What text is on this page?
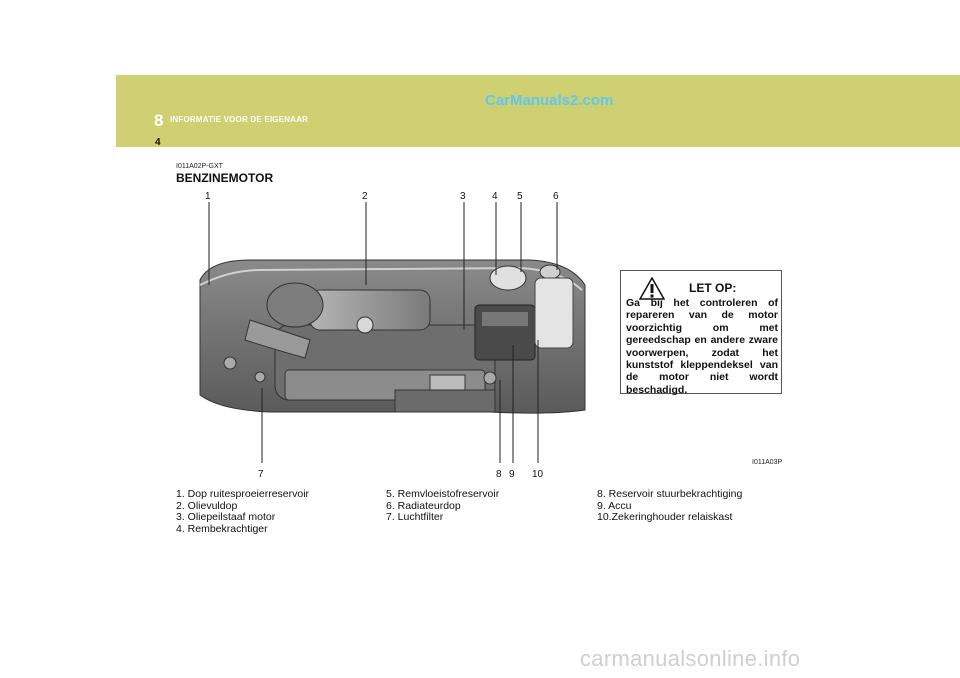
8 INFORMATIE VOOR DE EIGENAAR
CarManuals2.com
4
I011A02P-GXT
BENZINEMOTOR
1	2	3	4 5	6
7	8 9 10
LET OP:
Ga bij het controleren of repareren van de motor voorzichtig om met gereedschap en andere zware voorwerpen, zodat het kunststof kleppendeksel van de motor niet wordt beschadigd.
I011A03P
1. Dop ruitesproeierreservoir
2. Olievuldop
3. Oliepeilstaaf motor
4. Rembekrachtiger
5. Remvloeistofreservoir
6. Radiateurdop
7. Luchtfilter
8. Reservoir stuurbekrachtiging
9. Accu
10.Zekeringhouder relaiskast
carmanualsonline.info
